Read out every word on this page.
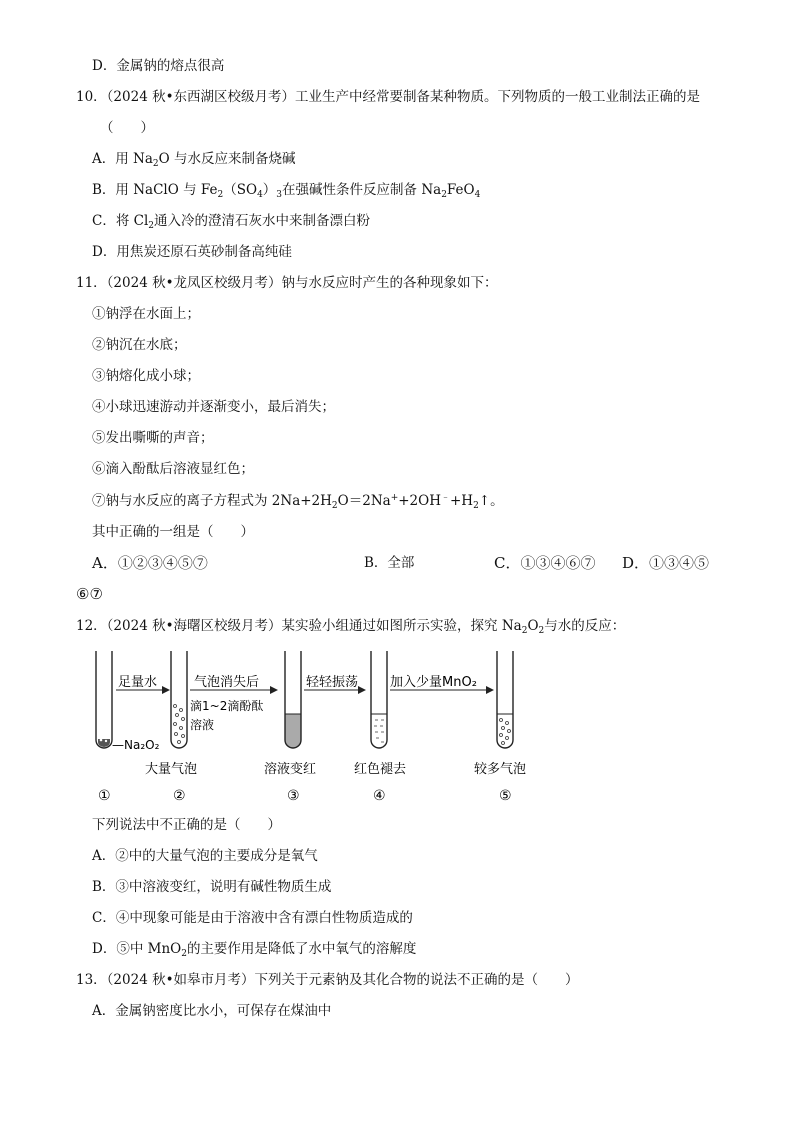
D．金属钠的熔点很高
10．（2024 秋•东西湖区校级月考）工业生产中经常要制备某种物质。下列物质的一般工业制法正确的是
（　　）
A．用 $Na_2O$ 与水反应来制备烧碱
B．用 NaClO 与 $Fe_2(SO_4)_3$在强碱性条件反应制备 $Na_2FeO_4$
C．将 $Cl_2$通入冷的澄清石灰水中来制备漂白粉
D．用焦炭还原石英砂制备高纯硅
11．（2024 秋•龙凤区校级月考）钠与水反应时产生的各种现象如下：
①钠浮在水面上；
②钠沉在水底；
③钠熔化成小球；
④小球迅速游动并逐渐变小，最后消失；
⑤发出嘶嘶的声音；
⑥滴入酚酞后溶液显红色；
⑦钠与水反应的离子方程式为 $2Na+2H_2O=2Na^++2OH^﹣+H_2↑$。
其中正确的一组是（　　）
A．①②③④⑤⑦	B．全部	C．①③④⑥⑦ D．①③④⑤
⑥⑦
12．（2024 秋•海曙区校级月考）某实验小组通过如图所示实验，探究 $Na_2O_2$与水的反应：
—Na₂O₂
足量水	气泡消失后
滴1~2滴酚酞
溶液
轻轻振荡 加入少量MnO₂
大量气泡	溶液变红	红色褪去	较多气泡
①	②	③	④	⑤
下列说法中不正确的是（　　）
A．②中的大量气泡的主要成分是氧气
B．③中溶液变红，说明有碱性物质生成
C．④中现象可能是由于溶液中含有漂白性物质造成的
D．⑤中 MnO$_2$的主要作用是降低了水中氧气的溶解度
13．（2024 秋•如皋市月考）下列关于元素钠及其化合物的说法不正确的是（　　）
A．金属钠密度比水小，可保存在煤油中
